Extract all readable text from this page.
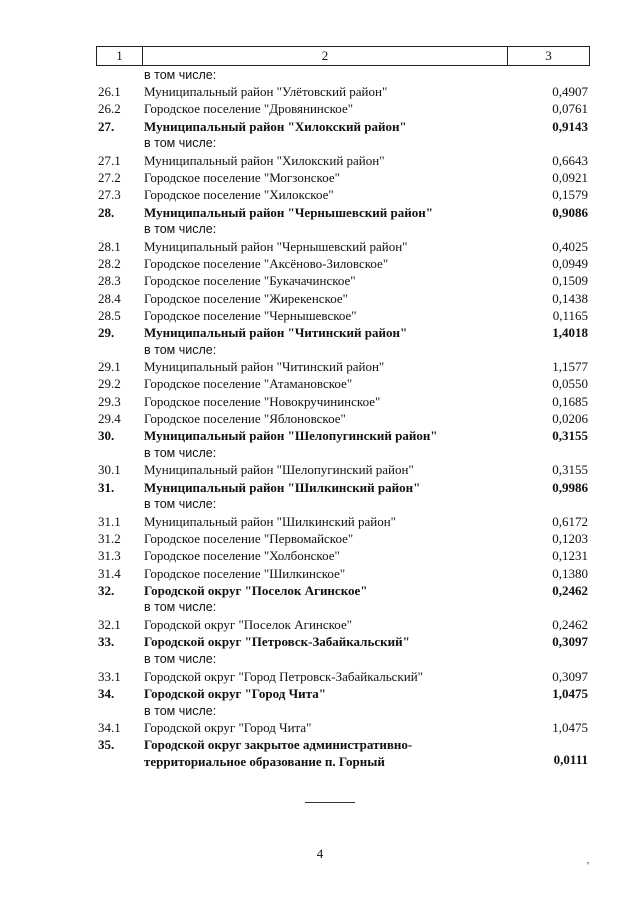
1	2	3
в том числе:
26.1	Муниципальный район "Улётовский район"	0,4907
26.2	Городское поселение "Дровянинское"	0,0761
27.	Муниципальный район "Хилокский район"	0,9143
в том числе:
27.1	Муниципальный район "Хилокский район"	0,6643
27.2	Городское поселение "Могзонское"	0,0921
27.3	Городское поселение "Хилокское"	0,1579
28.	Муниципальный район "Чернышевский район"	0,9086
в том числе:
28.1	Муниципальный район "Чернышевский район"	0,4025
28.2	Городское поселение "Аксёново-Зиловское"	0,0949
28.3	Городское поселение "Букачачинское"	0,1509
28.4	Городское поселение "Жирекенское"	0,1438
28.5	Городское поселение "Чернышевское"	0,1165
29.	Муниципальный район "Читинский район"	1,4018
в том числе:
29.1	Муниципальный район "Читинский район"	1,1577
29.2	Городское поселение "Атамановское"	0,0550
29.3	Городское поселение "Новокручининское"	0,1685
29.4	Городское поселение "Яблоновское"	0,0206
30.	Муниципальный район "Шелопугинский район"	0,3155
в том числе:
30.1	Муниципальный район "Шелопугинский район"	0,3155
31.	Муниципальный район "Шилкинский район"	0,9986
в том числе:
31.1	Муниципальный район "Шилкинский район"	0,6172
31.2	Городское поселение "Первомайское"	0,1203
31.3	Городское поселение "Холбонское"	0,1231
31.4	Городское поселение "Шилкинское"	0,1380
32.	Городской округ "Поселок Агинское"	0,2462
в том числе:
32.1	Городской округ "Поселок Агинское"	0,2462
33.	Городской округ "Петровск-Забайкальский"	0,3097
в том числе:
33.1	Городской округ "Город Петровск-Забайкальский"	0,3097
34.	Городской округ "Город Чита"	1,0475
в том числе:
34.1	Городской округ "Город Чита"	1,0475
35.	Городской округ закрытое административно-территориальное образование п. Горный	0,0111
4
’
